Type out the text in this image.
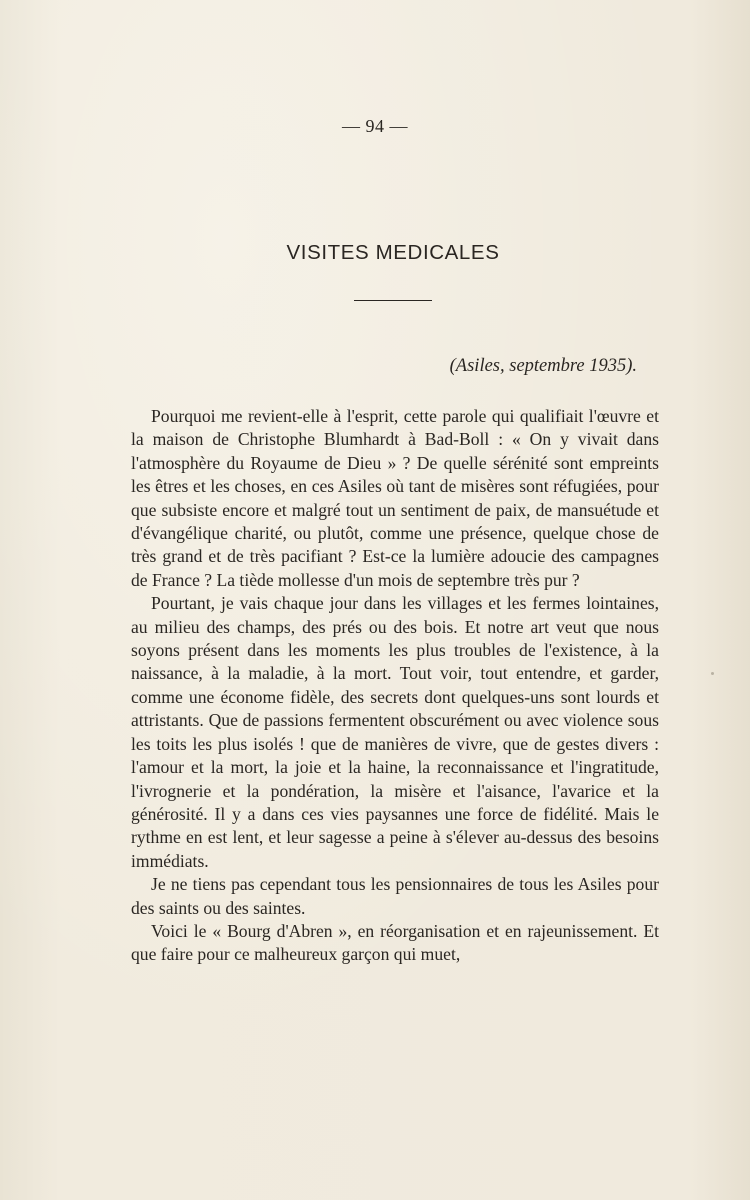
— 94 —
VISITES MEDICALES
(Asiles, septembre 1935).

Pourquoi me revient-elle à l'esprit, cette parole qui qualifiait l'œuvre et la maison de Christophe Blumhardt à Bad-Boll : « On y vivait dans l'atmosphère du Royaume de Dieu » ? De quelle sérénité sont empreints les êtres et les choses, en ces Asiles où tant de misères sont réfugiées, pour que subsiste encore et malgré tout un sentiment de paix, de mansuétude et d'évangélique charité, ou plutôt, comme une présence, quelque chose de très grand et de très pacifiant ? Est-ce la lumière adoucie des campagnes de France ? La tiède mollesse d'un mois de septembre très pur ?

Pourtant, je vais chaque jour dans les villages et les fermes lointaines, au milieu des champs, des prés ou des bois. Et notre art veut que nous soyons présent dans les moments les plus troubles de l'existence, à la naissance, à la maladie, à la mort. Tout voir, tout entendre, et garder, comme une économe fidèle, des secrets dont quelques-uns sont lourds et attristants. Que de passions fermentent obscurément ou avec violence sous les toits les plus isolés ! que de manières de vivre, que de gestes divers : l'amour et la mort, la joie et la haine, la reconnaissance et l'ingratitude, l'ivrognerie et la pondération, la misère et l'aisance, l'avarice et la générosité. Il y a dans ces vies paysannes une force de fidélité. Mais le rythme en est lent, et leur sagesse a peine à s'élever au-dessus des besoins immédiats.

Je ne tiens pas cependant tous les pensionnaires de tous les Asiles pour des saints ou des saintes.

Voici le « Bourg d'Abren », en réorganisation et en rajeunissement. Et que faire pour ce malheureux garçon qui muet,
